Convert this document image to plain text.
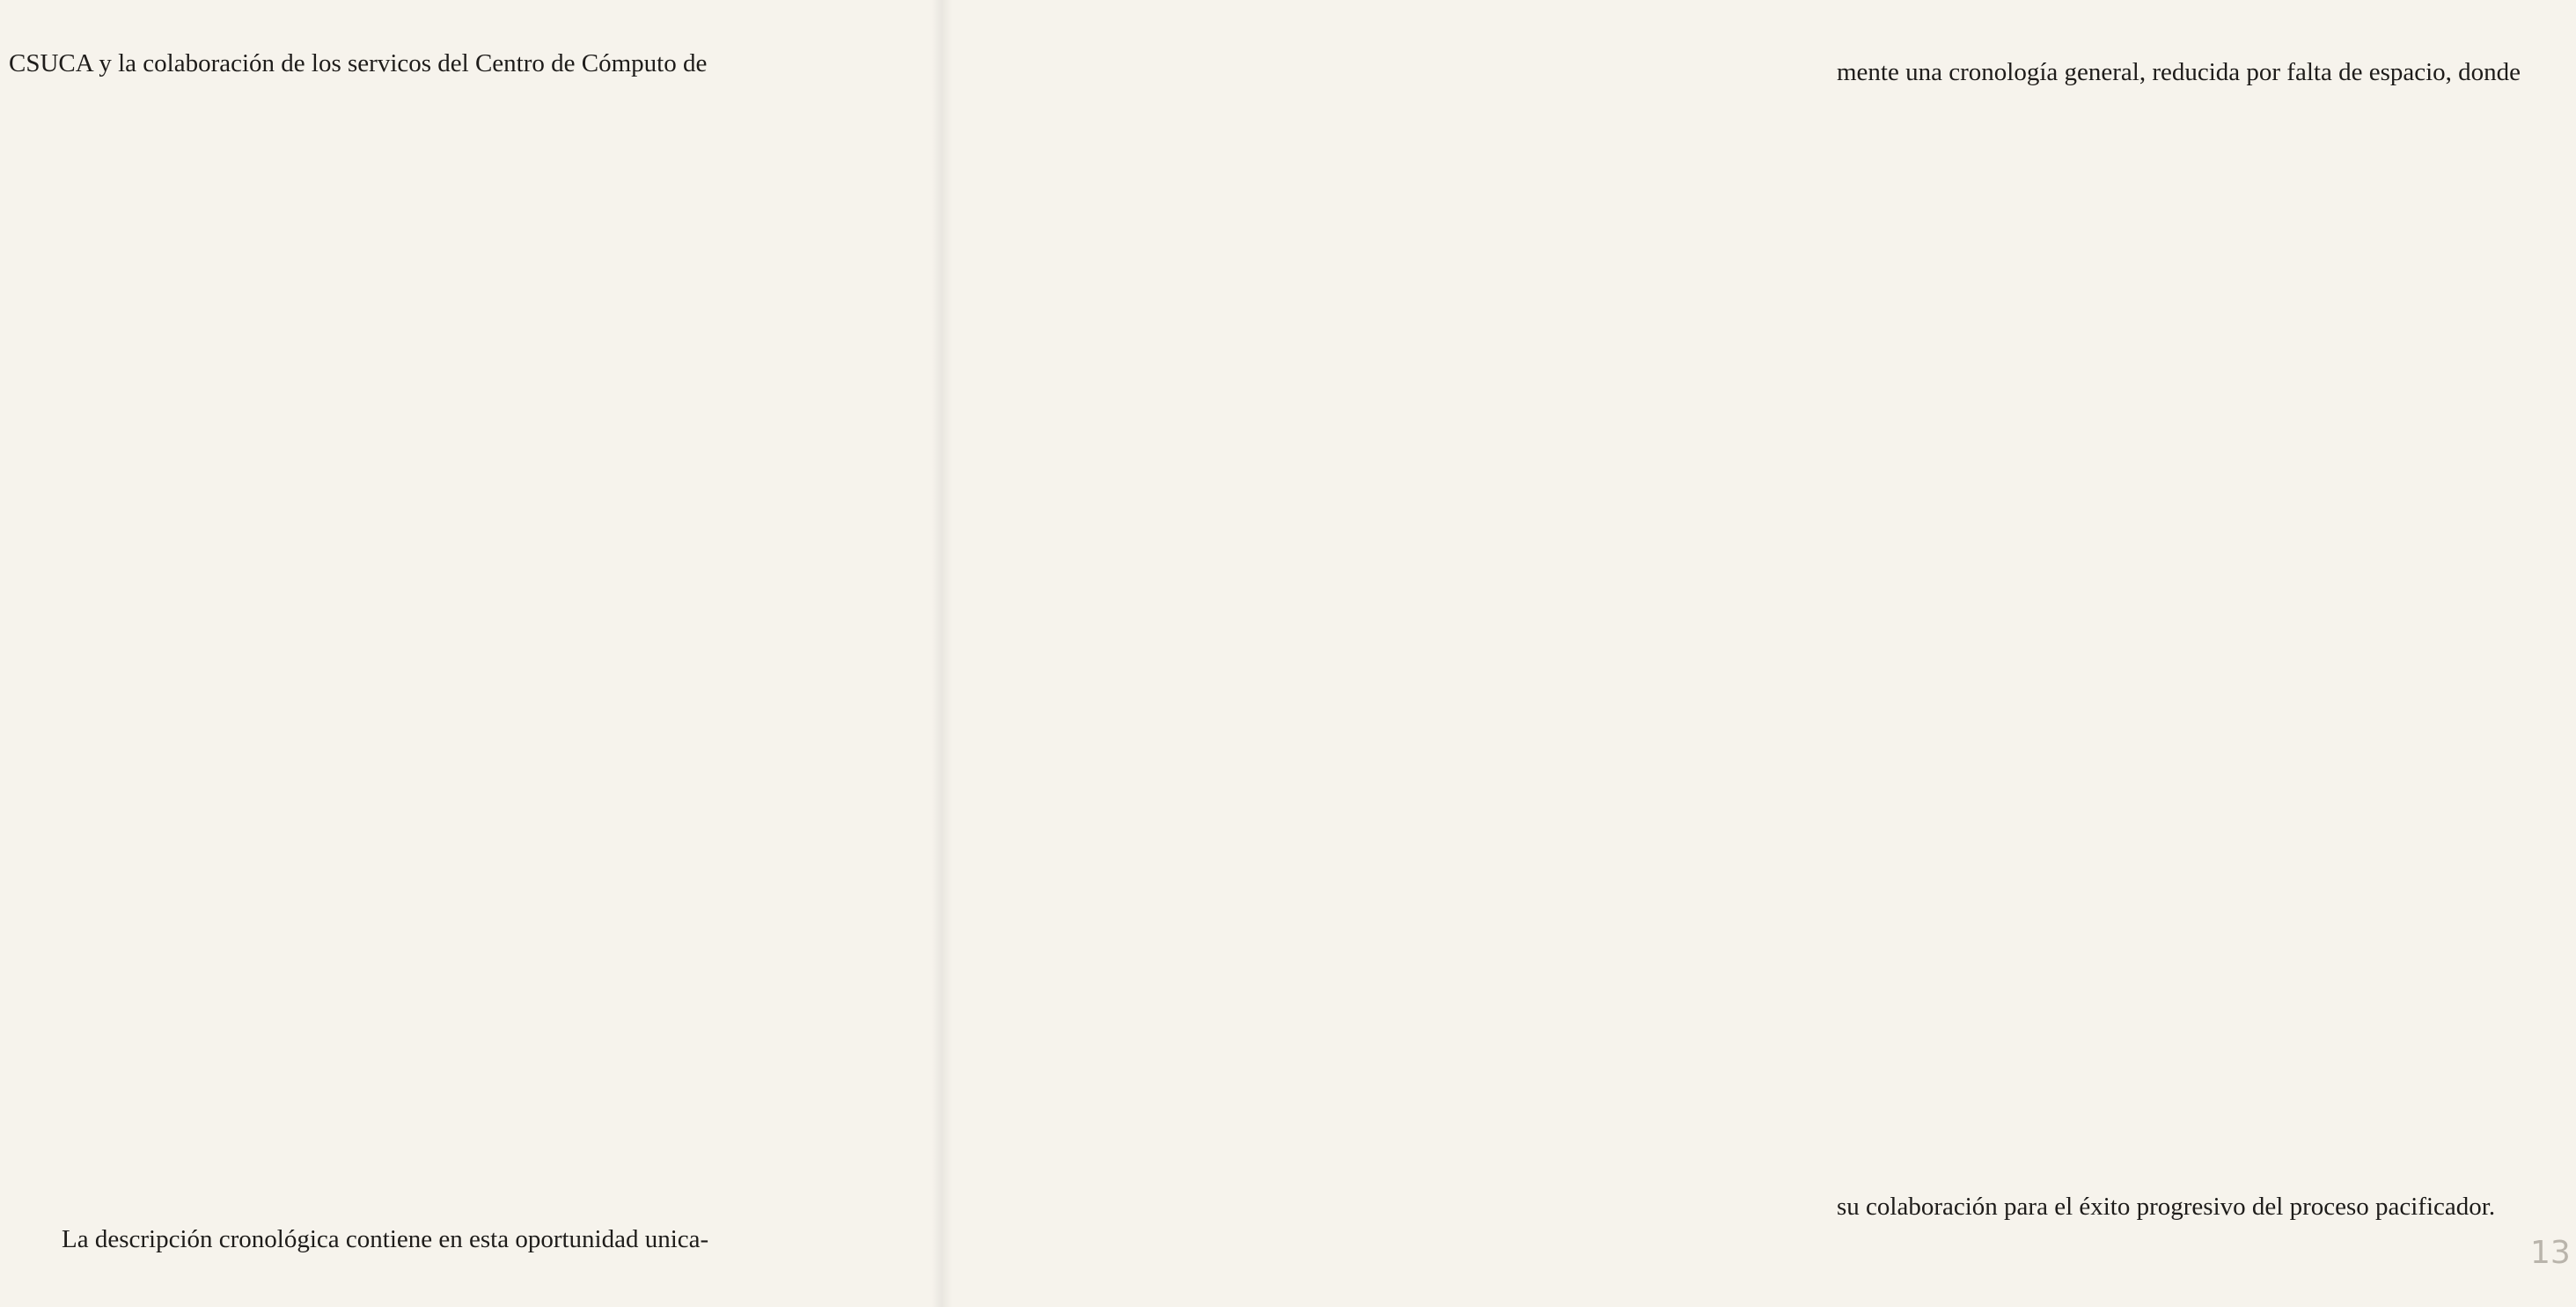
CSUCA y la colaboración de los servicos del Centro de Cómputo de
La descripción cronológica contiene en esta oportunidad unica-
mente una cronología general, reducida por falta de espacio, donde
su colaboración para el éxito progresivo del proceso pacificador.
13
